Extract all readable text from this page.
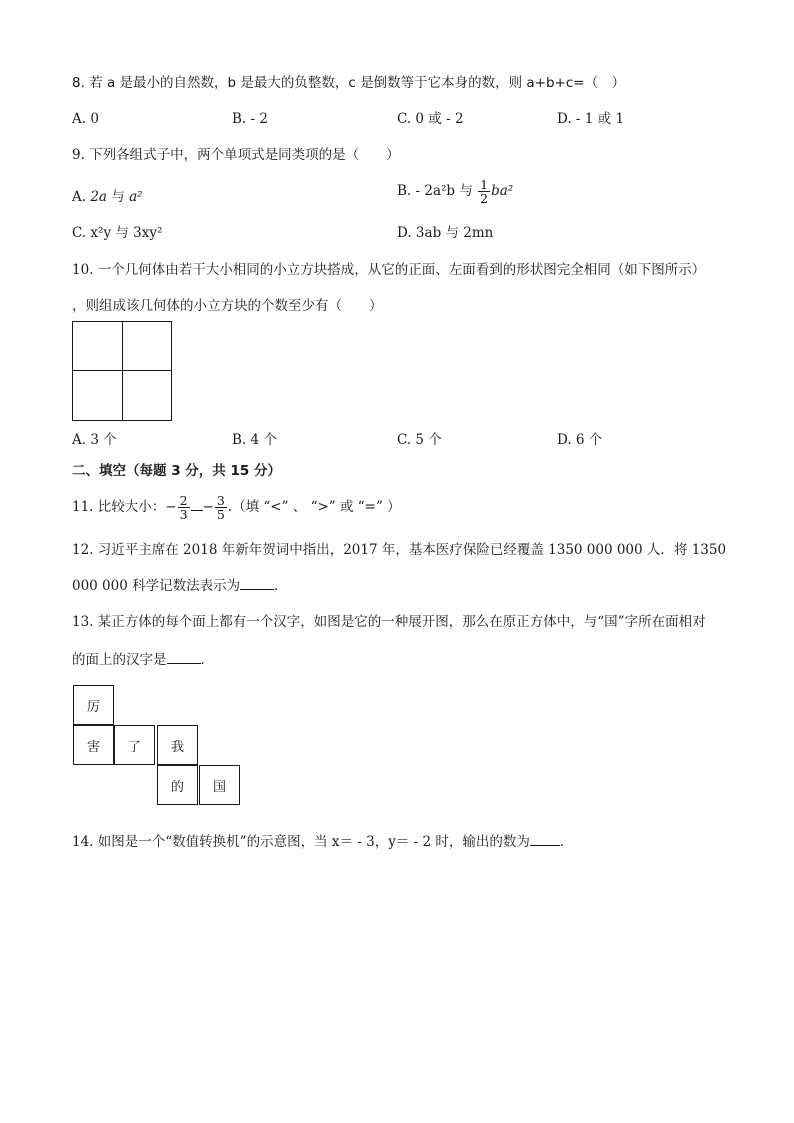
8. 若 a 是最小的自然数，b 是最大的负整数，c 是倒数等于它本身的数，则 a+b+c=（　）
A. 0	B. - 2	C. 0 或 - 2	D. - 1 或 1
9. 下列各组式子中，两个单项式是同类项的是（　　）
A. 2a 与 a²	B. - 2a²b 与 $\frac{1}{2} ba^2$
C. x²y 与 3xy²	D. 3ab 与 2mn
10. 一个几何体由若干大小相同的小立方块搭成，从它的正面、左面看到的形状图完全相同（如下图所示）
，则组成该几何体的小立方块的个数至少有（　　）
A. 3 个	B. 4 个	C. 5 个	D. 6 个
二、填空（每题 3 分，共 15 分）
11. 比较大小：− $\frac{2}{3} - \frac{3}{5}$ .（填 “<” 、 “>” 或 “=” ）
12. 习近平主席在 2018 年新年贺词中指出，2017 年，基本医疗保险已经覆盖 1350 000 000 人．将 1350
000 000 科学记数法表示为	．
13. 某正方体的每个面上都有一个汉字，如图是它的一种展开图，那么在原正方体中，与“国”字所在面相对
的面上的汉字是	．
厉
害	了	我
的	国
14. 如图是一个“数值转换机”的示意图，当 x＝ - 3，y＝ - 2 时，输出的数为 ．
